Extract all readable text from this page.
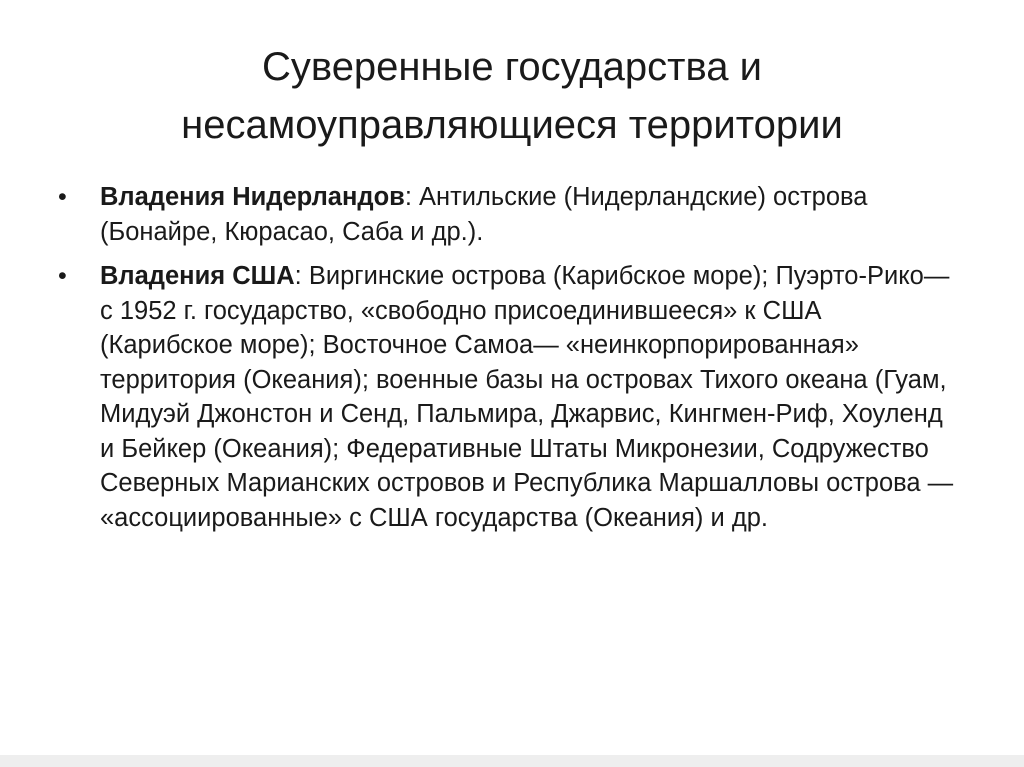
Суверенные государства и
несамоуправляющиеся территории
•	Владения Нидерландов: Антильские (Нидерландские) острова (Бонайре, Кюрасао, Саба и др.).
•	Владения США: Виргинские острова (Карибское море); Пуэрто-Рико— с 1952 г. государство, «свободно присоединившееся» к США (Карибское море); Восточное Самоа— «неинкорпорированная» территория (Океания); военные базы на островах Тихого океана (Гуам, Мидуэй Джонстон и Сенд, Пальмира, Джарвис, Кингмен-Риф, Хоуленд и Бейкер (Океания); Федеративные Штаты Микронезии, Содружество Северных Марианских островов и Республика Маршалловы острова — «ассоциированные» с США государства (Океания) и др.
